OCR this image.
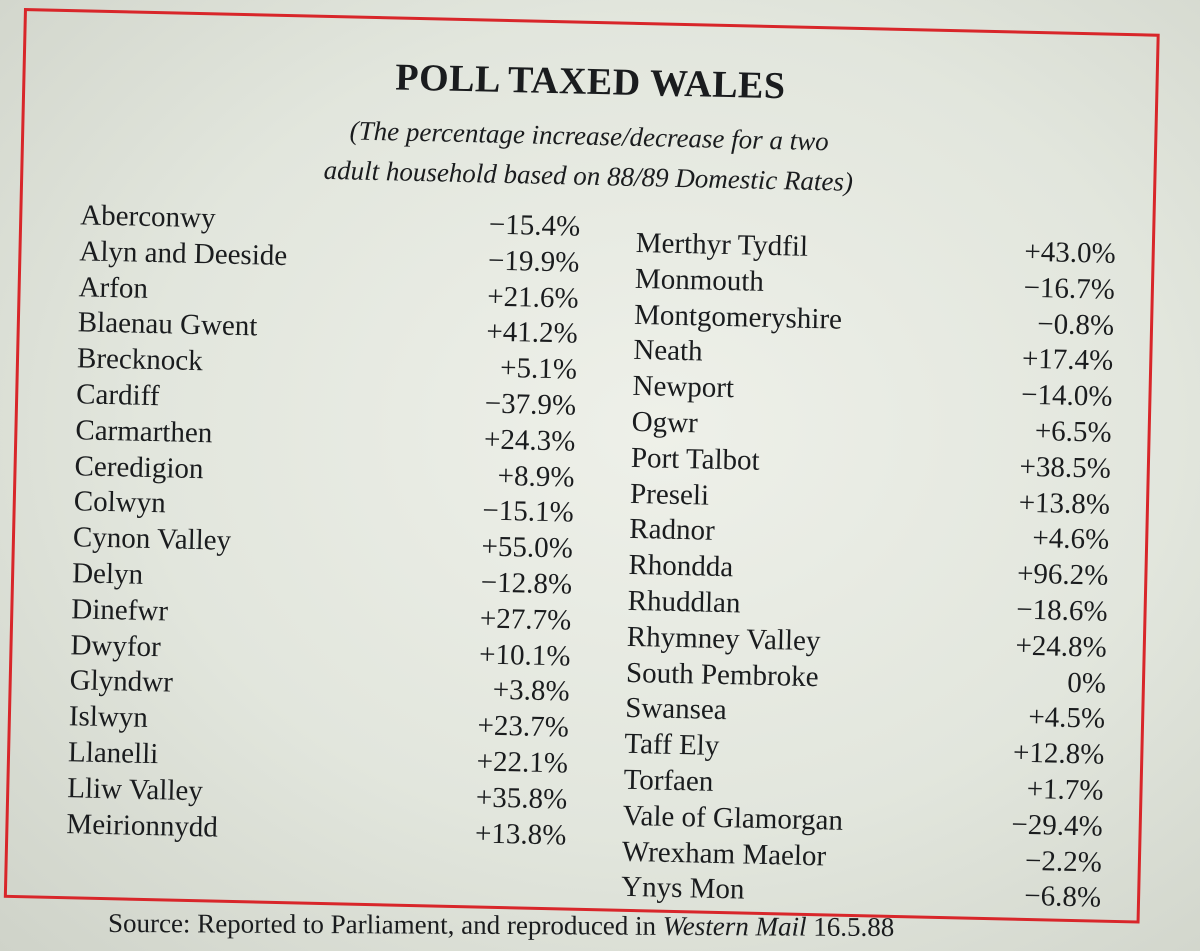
POLL TAXED WALES
(The percentage increase/decrease for a two
adult household based on 88/89 Domestic Rates)
Aberconwy	−15.4%
Alyn and Deeside	−19.9%
Arfon	+21.6%
Blaenau Gwent	+41.2%
Brecknock	+5.1%
Cardiff	−37.9%
Carmarthen	+24.3%
Ceredigion	+8.9%
Colwyn	−15.1%
Cynon Valley	+55.0%
Delyn	−12.8%
Dinefwr	+27.7%
Dwyfor	+10.1%
Glyndwr	+3.8%
Islwyn	+23.7%
Llanelli	+22.1%
Lliw Valley	+35.8%
Meirionnydd	+13.8%
Merthyr Tydfil	+43.0%
Monmouth	−16.7%
Montgomeryshire	−0.8%
Neath	+17.4%
Newport	−14.0%
Ogwr	+6.5%
Port Talbot	+38.5%
Preseli	+13.8%
Radnor	+4.6%
Rhondda	+96.2%
Rhuddlan	−18.6%
Rhymney Valley	+24.8%
South Pembroke	0%
Swansea	+4.5%
Taff Ely	+12.8%
Torfaen	+1.7%
Vale of Glamorgan	−29.4%
Wrexham Maelor	−2.2%
Ynys Mon	−6.8%
Source: Reported to Parliament, and reproduced in Western Mail 16.5.88
